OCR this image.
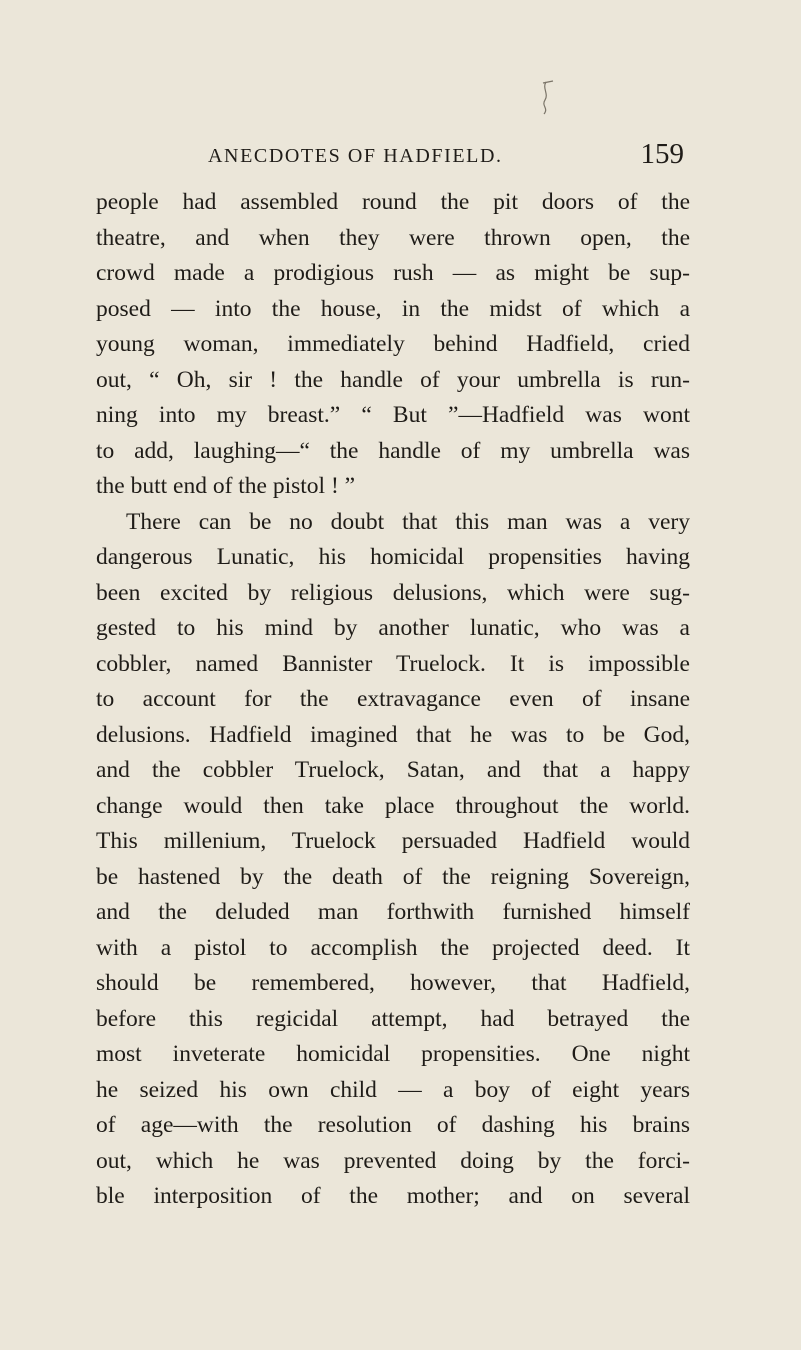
ANECDOTES OF HADFIELD.	159
people had assembled round the pit doors of the
theatre, and when they were thrown open, the
crowd made a prodigious rush — as might be sup-
posed — into the house, in the midst of which a
young woman, immediately behind Hadfield, cried
out, “ Oh, sir ! the handle of your umbrella is run-
ning into my breast.” “ But ”—Hadfield was wont
to add, laughing—“ the handle of my umbrella was
the butt end of the pistol ! ”
There can be no doubt that this man was a very
dangerous Lunatic, his homicidal propensities having
been excited by religious delusions, which were sug-
gested to his mind by another lunatic, who was a
cobbler, named Bannister Truelock. It is impossible
to account for the extravagance even of insane
delusions. Hadfield imagined that he was to be God,
and the cobbler Truelock, Satan, and that a happy
change would then take place throughout the world.
This millenium, Truelock persuaded Hadfield would
be hastened by the death of the reigning Sovereign,
and the deluded man forthwith furnished himself
with a pistol to accomplish the projected deed. It
should be remembered, however, that Hadfield,
before this regicidal attempt, had betrayed the
most inveterate homicidal propensities. One night
he seized his own child — a boy of eight years
of age—with the resolution of dashing his brains
out, which he was prevented doing by the forci-
ble interposition of the mother; and on several
